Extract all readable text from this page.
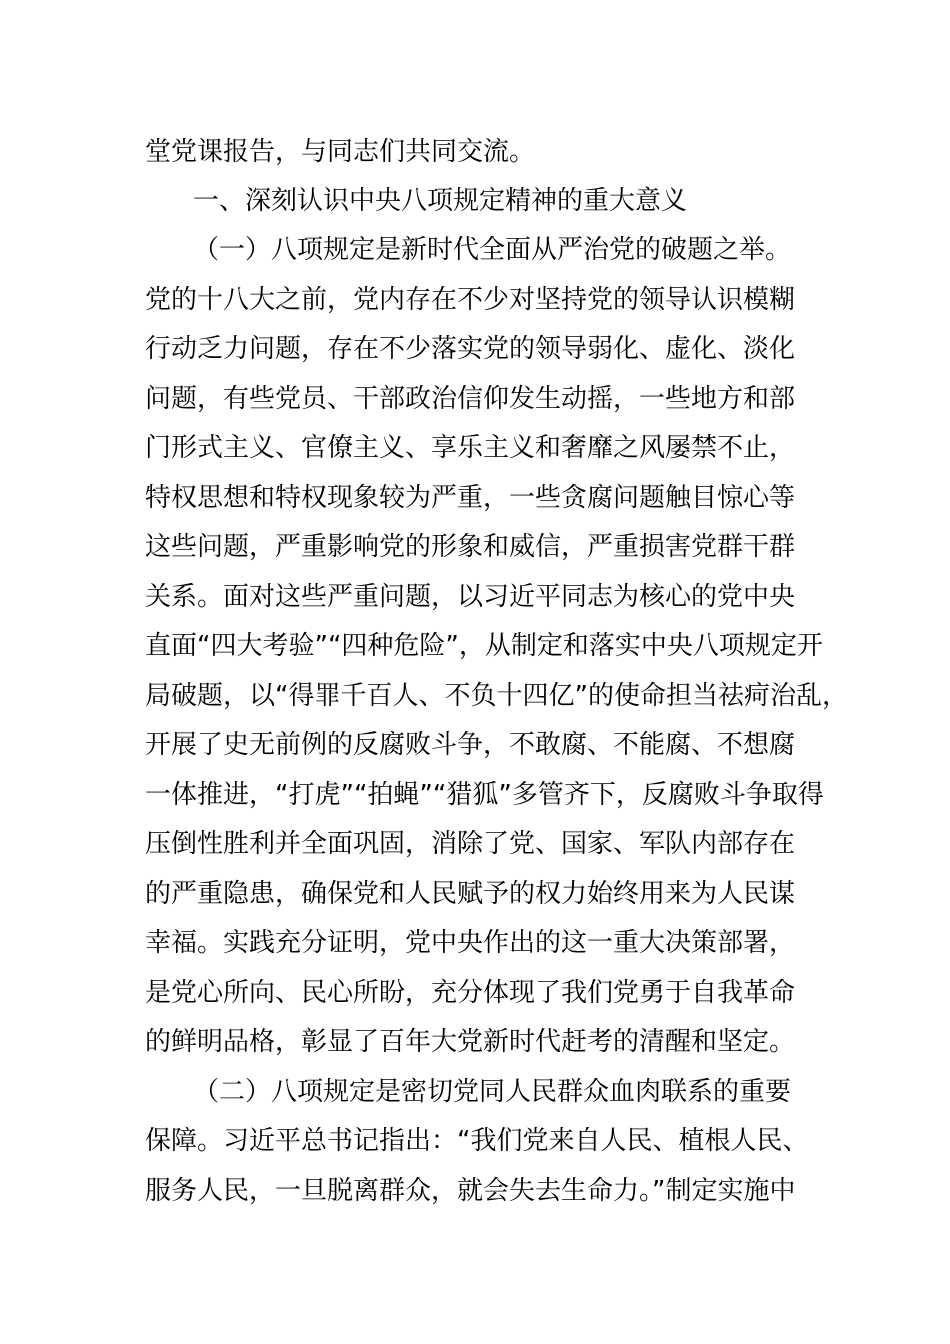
堂党课报告，与同志们共同交流。
一、深刻认识中央八项规定精神的重大意义
（一）八项规定是新时代全面从严治党的破题之举。
党的十八大之前，党内存在不少对坚持党的领导认识模糊
行动乏力问题，存在不少落实党的领导弱化、虚化、淡化
问题，有些党员、干部政治信仰发生动摇，一些地方和部
门形式主义、官僚主义、享乐主义和奢靡之风屡禁不止，
特权思想和特权现象较为严重，一些贪腐问题触目惊心等
这些问题，严重影响党的形象和威信，严重损害党群干群
关系。面对这些严重问题，以习近平同志为核心的党中央
直面“四大考验”“四种危险”，从制定和落实中央八项规定开
局破题，以“得罪千百人、不负十四亿”的使命担当祛疴治乱，
开展了史无前例的反腐败斗争，不敢腐、不能腐、不想腐
一体推进，“打虎”“拍蝇”“猎狐”多管齐下，反腐败斗争取得
压倒性胜利并全面巩固，消除了党、国家、军队内部存在
的严重隐患，确保党和人民赋予的权力始终用来为人民谋
幸福。实践充分证明，党中央作出的这一重大决策部署，
是党心所向、民心所盼，充分体现了我们党勇于自我革命
的鲜明品格，彰显了百年大党新时代赶考的清醒和坚定。
（二）八项规定是密切党同人民群众血肉联系的重要
保障。习近平总书记指出：“我们党来自人民、植根人民、
服务人民，一旦脱离群众，就会失去生命力。”制定实施中
